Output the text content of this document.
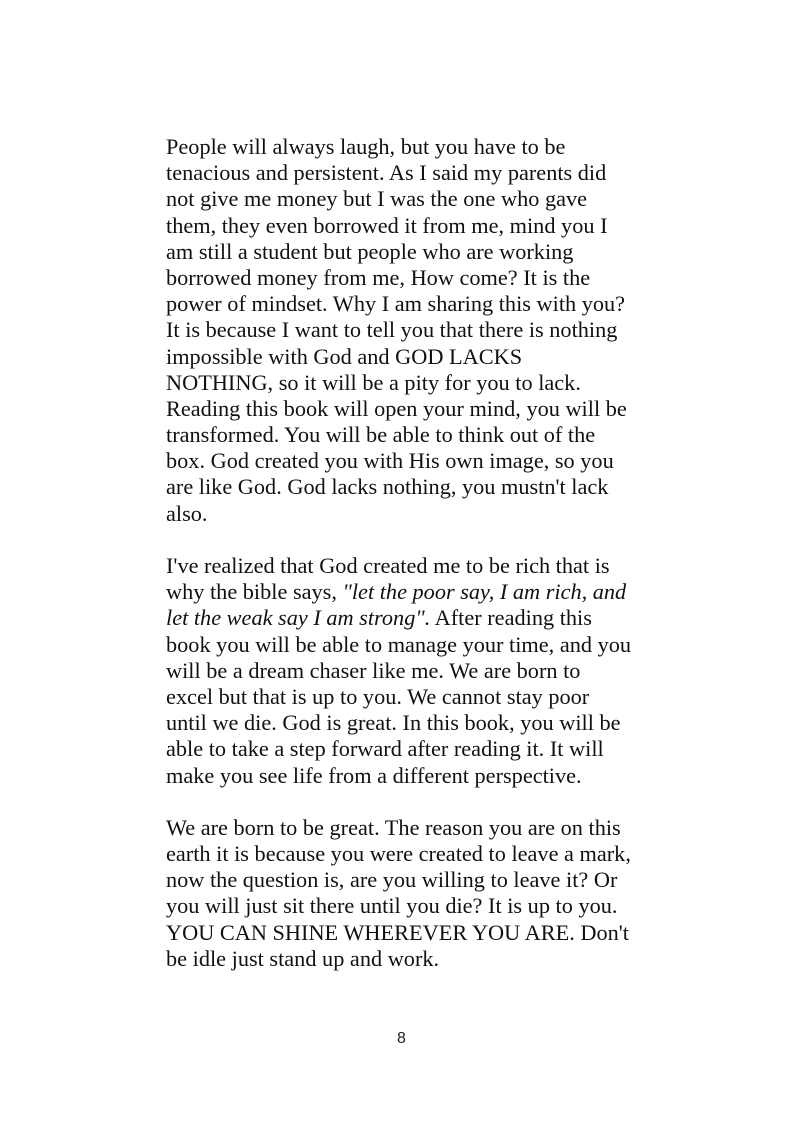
People will always laugh, but you have to be
tenacious and persistent. As I said my parents did
not give me money but I was the one who gave
them, they even borrowed it from me, mind you I
am still a student but people who are working
borrowed money from me, How come? It is the
power of mindset. Why I am sharing this with you?
It is because I want to tell you that there is nothing
impossible with God and GOD LACKS
NOTHING, so it will be a pity for you to lack.
Reading this book will open your mind, you will be
transformed. You will be able to think out of the
box. God created you with His own image, so you
are like God. God lacks nothing, you mustn't lack
also.

I've realized that God created me to be rich that is
why the bible says, "let the poor say, I am rich, and
let the weak say I am strong". After reading this
book you will be able to manage your time, and you
will be a dream chaser like me. We are born to
excel but that is up to you. We cannot stay poor
until we die. God is great. In this book, you will be
able to take a step forward after reading it. It will
make you see life from a different perspective.

We are born to be great. The reason you are on this
earth it is because you were created to leave a mark,
now the question is, are you willing to leave it? Or
you will just sit there until you die? It is up to you.
YOU CAN SHINE WHEREVER YOU ARE. Don't
be idle just stand up and work.

8
